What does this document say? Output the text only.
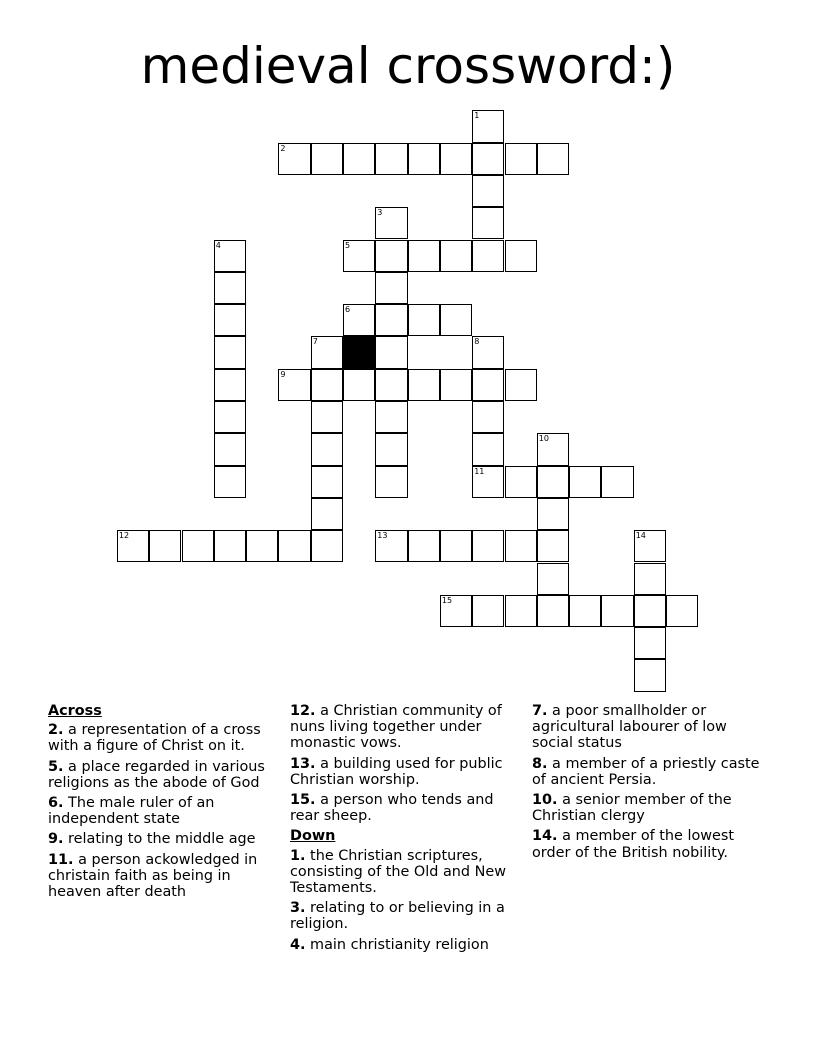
medieval crossword:)
2
3
4	5
6
7	8
9
10
11
12	13	14
15
1
Across
2. a representation of a cross with a figure of Christ on it.
5. a place regarded in various religions as the abode of God
6. The male ruler of an independent state
9. relating to the middle age
11. a person ackowledged in christain faith as being in heaven after death
12. a Christian community of nuns living together under monastic vows.
13. a building used for public Christian worship.
15. a person who tends and rear sheep.
Down
1. the Christian scriptures, consisting of the Old and New Testaments.
3. relating to or believing in a religion.
4. main christianity religion
7. a poor smallholder or agricultural labourer of low social status
8. a member of a priestly caste of ancient Persia.
10. a senior member of the Christian clergy
14. a member of the lowest order of the British nobility.
